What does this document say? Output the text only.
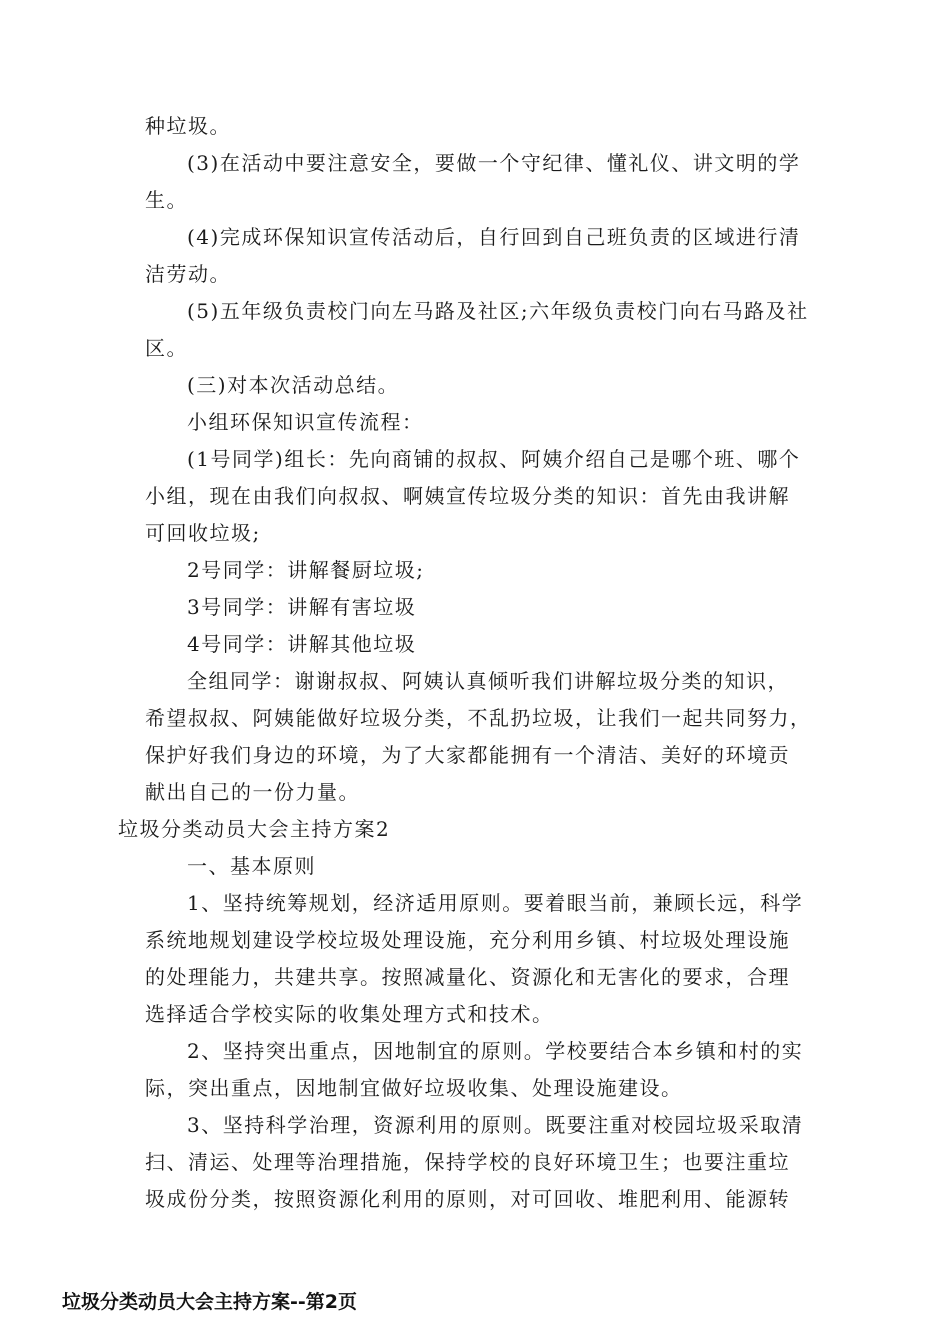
种垃圾。
(3)在活动中要注意安全，要做一个守纪律、懂礼仪、讲文明的学
生。
(4)完成环保知识宣传活动后，自行回到自己班负责的区域进行清
洁劳动。
(5)五年级负责校门向左马路及社区;六年级负责校门向右马路及社
区。
(三)对本次活动总结。
小组环保知识宣传流程：
(1号同学)组长：先向商铺的叔叔、阿姨介绍自己是哪个班、哪个
小组，现在由我们向叔叔、啊姨宣传垃圾分类的知识：首先由我讲解
可回收垃圾;
2号同学：讲解餐厨垃圾;
3号同学：讲解有害垃圾
4号同学：讲解其他垃圾
全组同学：谢谢叔叔、阿姨认真倾听我们讲解垃圾分类的知识，
希望叔叔、阿姨能做好垃圾分类，不乱扔垃圾，让我们一起共同努力，
保护好我们身边的环境，为了大家都能拥有一个清洁、美好的环境贡
献出自己的一份力量。
垃圾分类动员大会主持方案2
一、基本原则
1、坚持统筹规划，经济适用原则。要着眼当前，兼顾长远，科学
系统地规划建设学校垃圾处理设施，充分利用乡镇、村垃圾处理设施
的处理能力，共建共享。按照减量化、资源化和无害化的要求，合理
选择适合学校实际的收集处理方式和技术。
2、坚持突出重点，因地制宜的原则。学校要结合本乡镇和村的实
际，突出重点，因地制宜做好垃圾收集、处理设施建设。
3、坚持科学治理，资源利用的原则。既要注重对校园垃圾采取清
扫、清运、处理等治理措施，保持学校的良好环境卫生；也要注重垃
圾成份分类，按照资源化利用的原则，对可回收、堆肥利用、能源转
垃圾分类动员大会主持方案--第2页
